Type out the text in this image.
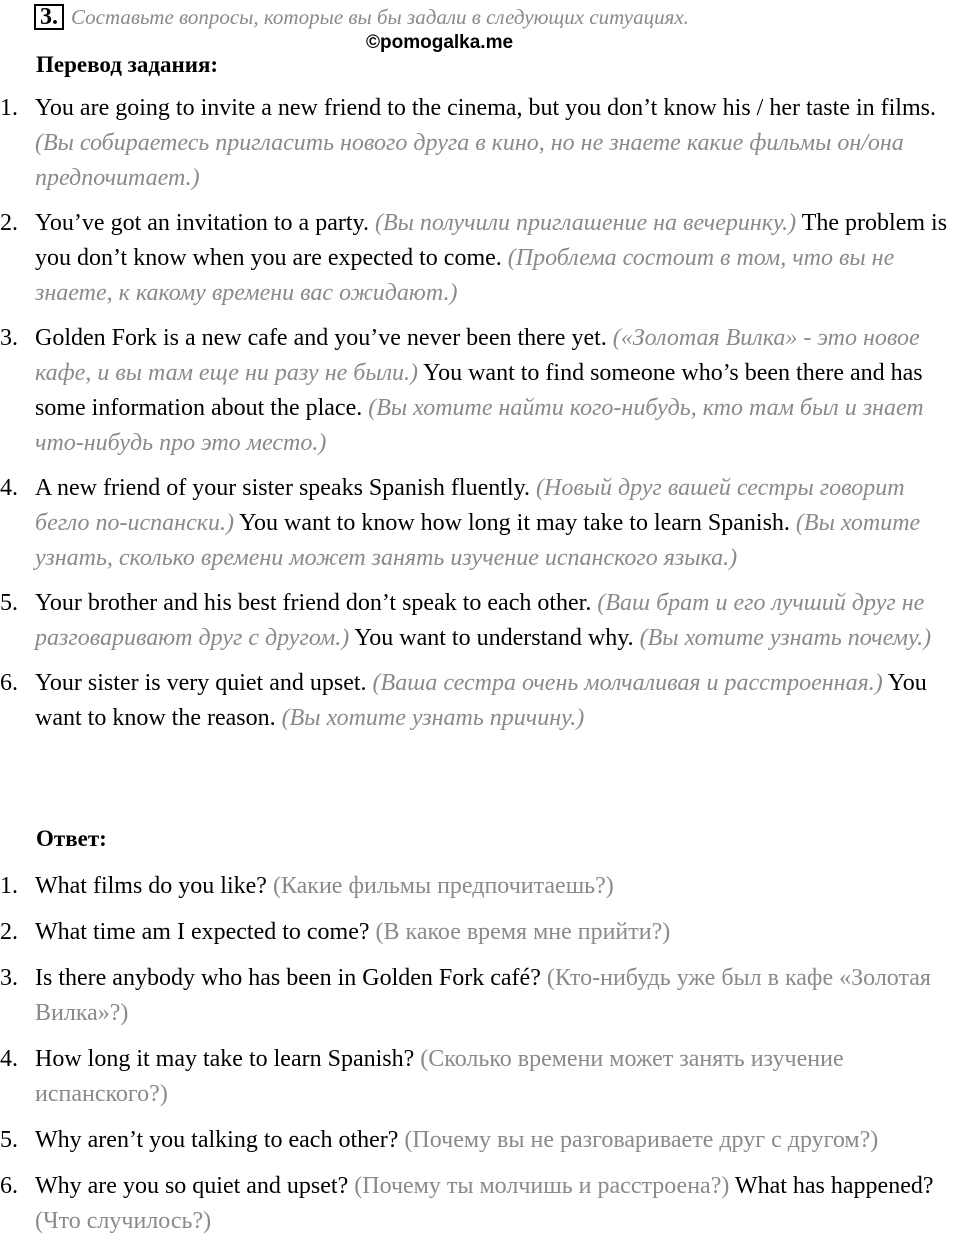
3. Составьте вопросы, которые вы бы задали в следующих ситуациях.
©pomogalka.me
Перевод задания:
1. You are going to invite a new friend to the cinema, but you don’t know his / her taste in films. (Вы собираетесь пригласить нового друга в кино, но не знаете какие фильмы он/она предпочитает.)
2. You’ve got an invitation to a party. (Вы получили приглашение на вечеринку.) The problem is you don’t know when you are expected to come. (Проблема состоит в том, что вы не знаете, к какому времени вас ожидают.)
3. Golden Fork is a new cafe and you’ve never been there yet. («Золотая Вилка» - это новое кафе, и вы там еще ни разу не были.) You want to find someone who’s been there and has some information about the place. (Вы хотите найти кого-нибудь, кто там был и знает что-нибудь про это место.)
4. A new friend of your sister speaks Spanish fluently. (Новый друг вашей сестры говорит бегло по-испански.) You want to know how long it may take to learn Spanish. (Вы хотите узнать, сколько времени может занять изучение испанского языка.)
5. Your brother and his best friend don’t speak to each other. (Ваш брат и его лучший друг не разговаривают друг с другом.) You want to understand why. (Вы хотите узнать почему.)
6. Your sister is very quiet and upset. (Ваша сестра очень молчаливая и расстроенная.) You want to know the reason. (Вы хотите узнать причину.)
Ответ:
1. What films do you like? (Какие фильмы предпочитаешь?)
2. What time am I expected to come? (В какое время мне прийти?)
3. Is there anybody who has been in Golden Fork café? (Кто-нибудь уже был в кафе «Золотая Вилка»?)
4. How long it may take to learn Spanish? (Сколько времени может занять изучение испанского?)
5. Why aren’t you talking to each other? (Почему вы не разговариваете друг с другом?)
6. Why are you so quiet and upset? (Почему ты молчишь и расстроена?) What has happened? (Что случилось?)
